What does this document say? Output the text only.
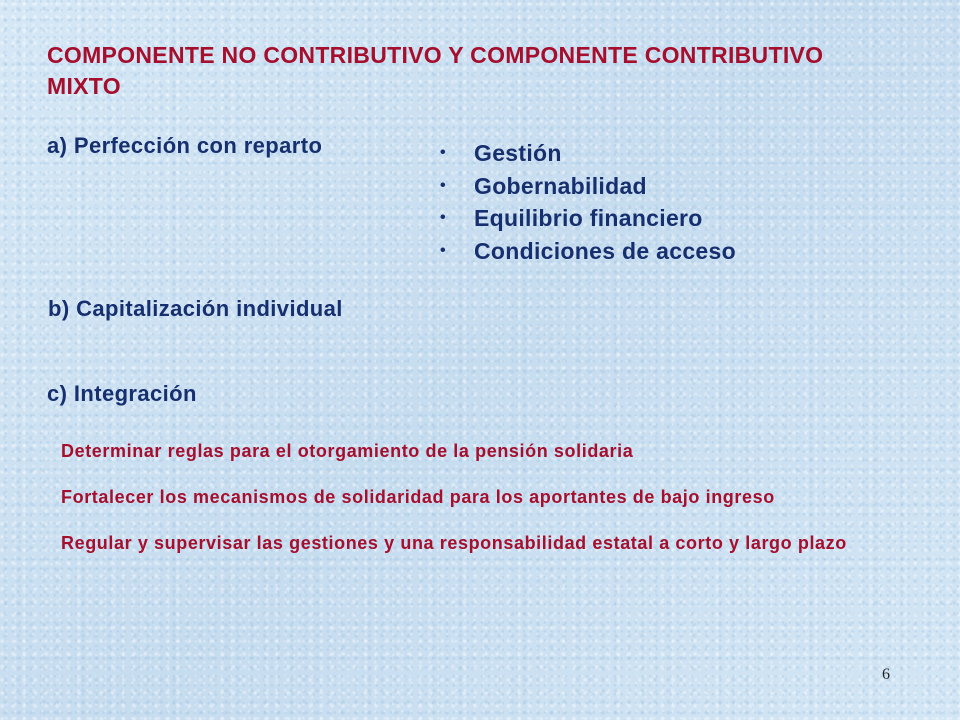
COMPONENTE NO CONTRIBUTIVO Y COMPONENTE CONTRIBUTIVO MIXTO
a) Perfección con reparto	• Gestión
• Gobernabilidad
• Equilibrio financiero
• Condiciones de acceso
b) Capitalización individual
c) Integración
Determinar reglas para el otorgamiento de la pensión solidaria
Fortalecer los mecanismos de solidaridad para los aportantes de bajo ingreso
Regular y supervisar las gestiones y una responsabilidad estatal a corto y largo plazo
6
